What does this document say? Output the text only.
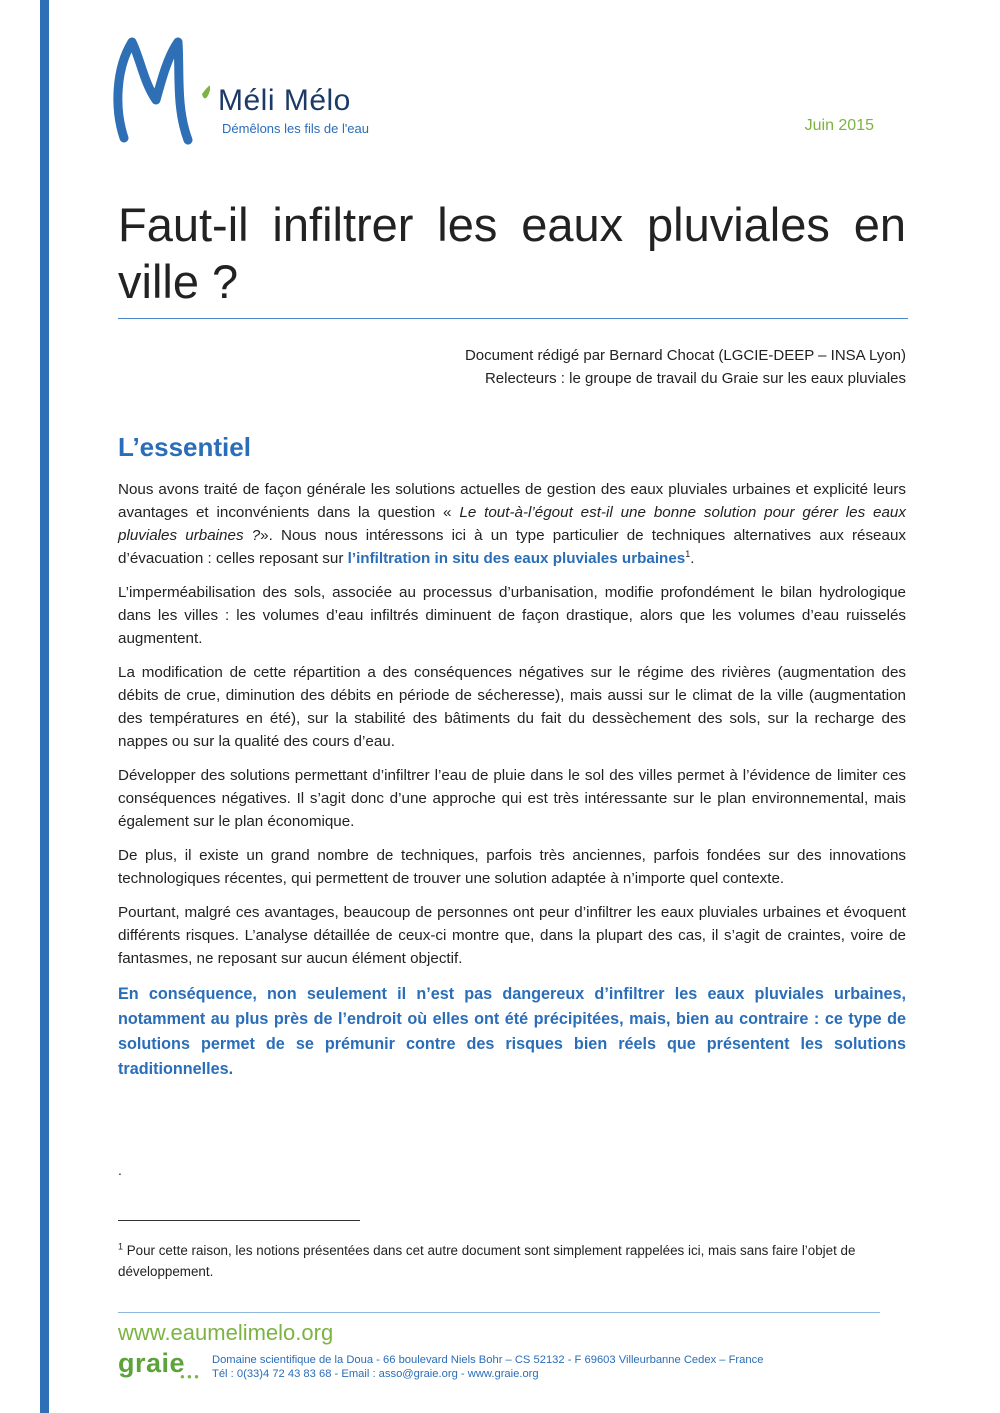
Méli Mélo
Démêlons les fils de l'eau	Juin 2015
Faut-il infiltrer les eaux pluviales en ville ?
Document rédigé par Bernard Chocat (LGCIE-DEEP – INSA Lyon)
Relecteurs : le groupe de travail du Graie sur les eaux pluviales
L’essentiel

Nous avons traité de façon générale les solutions actuelles de gestion des eaux pluviales urbaines et explicité leurs avantages et inconvénients dans la question « Le tout-à-l’égout est-il une bonne solution pour gérer les eaux pluviales urbaines ?». Nous nous intéressons ici à un type particulier de techniques alternatives aux réseaux d’évacuation : celles reposant sur l’infiltration in situ des eaux pluviales urbaines$^1$.

L’imperméabilisation des sols, associée au processus d’urbanisation, modifie profondément le bilan hydrologique dans les villes : les volumes d’eau infiltrés diminuent de façon drastique, alors que les volumes d’eau ruisselés augmentent.

La modification de cette répartition a des conséquences négatives sur le régime des rivières (augmentation des débits de crue, diminution des débits en période de sécheresse), mais aussi sur le climat de la ville (augmentation des températures en été), sur la stabilité des bâtiments du fait du dessèchement des sols, sur la recharge des nappes ou sur la qualité des cours d’eau.

Développer des solutions permettant d’infiltrer l’eau de pluie dans le sol des villes permet à l’évidence de limiter ces conséquences négatives. Il s’agit donc d’une approche qui est très intéressante sur le plan environnemental, mais également sur le plan économique.

De plus, il existe un grand nombre de techniques, parfois très anciennes, parfois fondées sur des innovations technologiques récentes, qui permettent de trouver une solution adaptée à n’importe quel contexte.

Pourtant, malgré ces avantages, beaucoup de personnes ont peur d’infiltrer les eaux pluviales urbaines et évoquent différents risques. L’analyse détaillée de ceux-ci montre que, dans la plupart des cas, il s’agit de craintes, voire de fantasmes, ne reposant sur aucun élément objectif.

En conséquence, non seulement il n’est pas dangereux d’infiltrer les eaux pluviales urbaines, notamment au plus près de l’endroit où elles ont été précipitées, mais, bien au contraire : ce type de solutions permet de se prémunir contre des risques bien réels que présentent les solutions traditionnelles.

.
$^1$ Pour cette raison, les notions présentées dans cet autre document sont simplement rappelées ici, mais sans faire l’objet de développement.
www.eaumelimelo.org
graie
● ● ●
Domaine scientifique de la Doua - 66 boulevard Niels Bohr – CS 52132 - F 69603 Villeurbanne Cedex – France
Tél : 0(33)4 72 43 83 68 - Email : asso@graie.org - www.graie.org
